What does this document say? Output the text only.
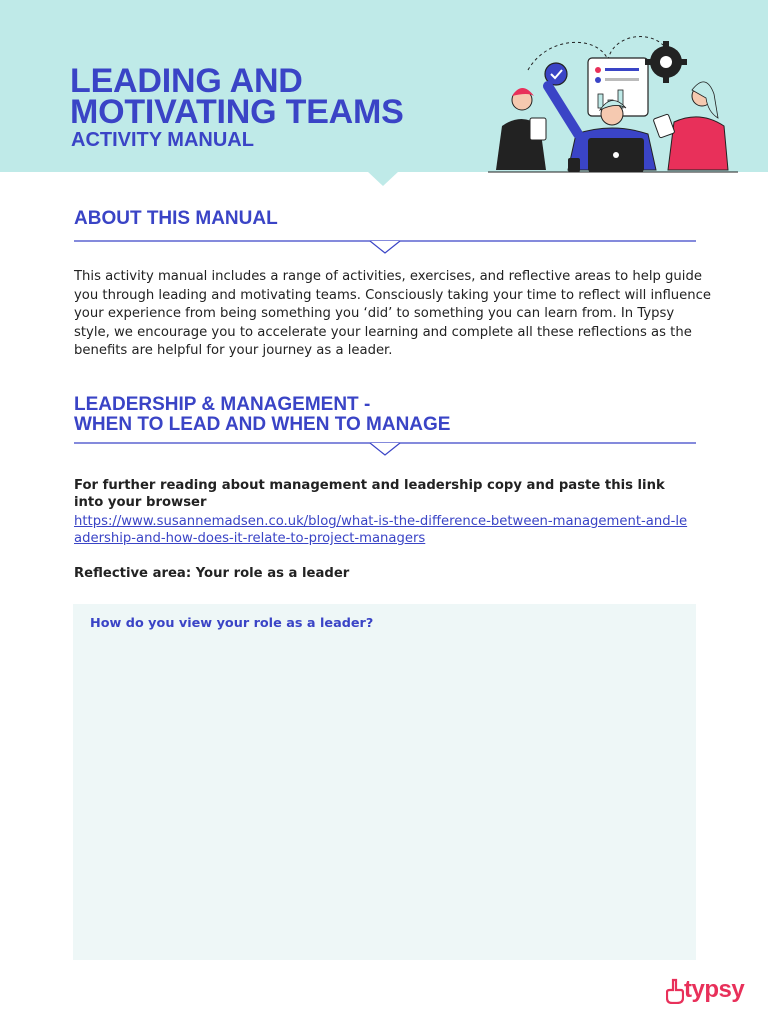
LEADING AND
MOTIVATING TEAMS
ACTIVITY MANUAL
ABOUT THIS MANUAL

This activity manual includes a range of activities, exercises, and reflective areas to help guide you through leading and motivating teams. Consciously taking your time to reflect will influence your experience from being something you ‘did’ to something you can learn from. In Typsy style, we encourage you to accelerate your learning and complete all these reflections as the benefits are helpful for your journey as a leader.

LEADERSHIP & MANAGEMENT -
WHEN TO LEAD AND WHEN TO MANAGE

For further reading about management and leadership copy and paste this link into your browser

https://www.susannemadsen.co.uk/blog/what-is-the-difference-between-management-and-leadership-and-how-does-it-relate-to-project-managers

Reflective area: Your role as a leader

How do you view your role as a leader?

typsy
